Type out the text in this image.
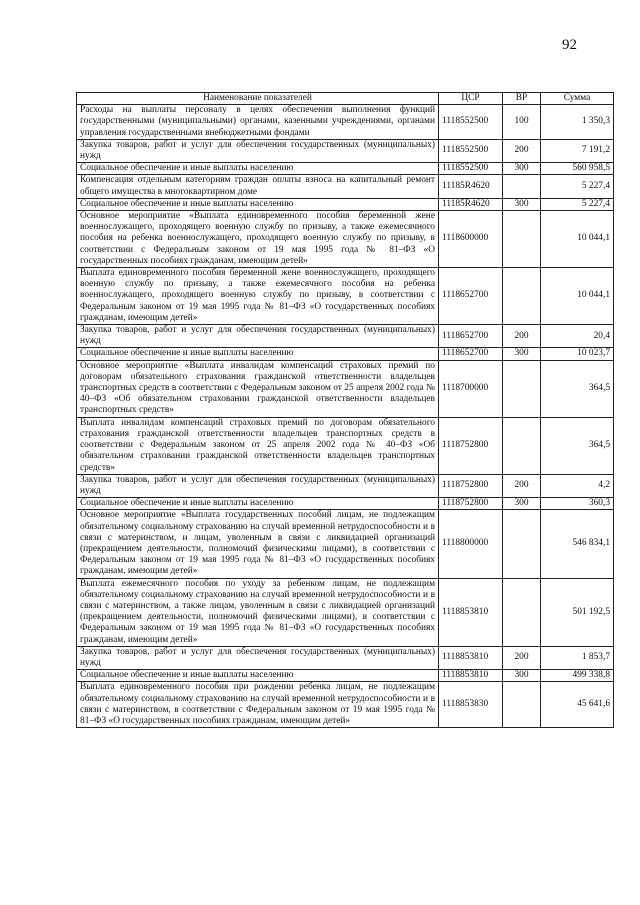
92
Наименование показателей	ЦСР	ВР	Сумма
Расходы на выплаты персоналу в целях обеспечения выполнения функций государственными (муниципальными) органами, казенными учреждениями, органами управления государственными внебюджетными фондами	1118552500	100	1 350,3
Закупка товаров, работ и услуг для обеспечения государственных (муниципальных) нужд	1118552500	200	7 191,2
Социальное обеспечение и иные выплаты населению	1118552500	300	560 958,5
Компенсация отдельным категориям граждан оплаты взноса на капитальный ремонт общего имущества в многоквартирном доме	11185R4620		5 227,4
Социальное обеспечение и иные выплаты населению	11185R4620	300	5 227,4
Основное мероприятие «Выплата единовременного пособия беременной жене военнослужащего, проходящего военную службу по призыву, а также ежемесячного пособия на ребенка военнослужащего, проходящего военную службу по призыву, в соответствии с Федеральным законом от 19 мая 1995 года № 81–ФЗ «О государственных пособиях гражданам, имеющим детей»	1118600000		10 044,1
Выплата единовременного пособия беременной жене военнослужащего, проходящего военную службу по призыву, а также ежемесячного пособия на ребенка военнослужащего, проходящего военную службу по призыву, в соответствии с Федеральным законом от 19 мая 1995 года № 81–ФЗ «О государственных пособиях гражданам, имеющим детей»	1118652700		10 044,1
Закупка товаров, работ и услуг для обеспечения государственных (муниципальных) нужд	1118652700	200	20,4
Социальное обеспечение и иные выплаты населению	1118652700	300	10 023,7
Основное мероприятие «Выплата инвалидам компенсаций страховых премий по договорам обязательного страхования гражданской ответственности владельцев транспортных средств в соответствии с Федеральным законом от 25 апреля 2002 года № 40–ФЗ «Об обязательном страховании гражданской ответственности владельцев транспортных средств»	1118700000		364,5
Выплата инвалидам компенсаций страховых премий по договорам обязательного страхования гражданской ответственности владельцев транспортных средств в соответствии с Федеральным законом от 25 апреля 2002 года № 40–ФЗ «Об обязательном страховании гражданской ответственности владельцев транспортных средств»	1118752800		364,5
Закупка товаров, работ и услуг для обеспечения государственных (муниципальных) нужд	1118752800	200	4,2
Социальное обеспечение и иные выплаты населению	1118752800	300	360,3
Основное мероприятие «Выплата государственных пособий лицам, не подлежащим обязательному социальному страхованию на случай временной нетрудоспособности и в связи с материнством, и лицам, уволенным в связи с ликвидацией организаций (прекращением деятельности, полномочий физическими лицами), в соответствии с Федеральным законом от 19 мая 1995 года № 81–ФЗ «О государственных пособиях гражданам, имеющим детей»	1118800000		546 834,1
Выплата ежемесячного пособия по уходу за ребенком лицам, не подлежащим обязательному социальному страхованию на случай временной нетрудоспособности и в связи с материнством, а также лицам, уволенным в связи с ликвидацией организаций (прекращением деятельности, полномочий физическими лицами), в соответствии с Федеральным законом от 19 мая 1995 года № 81–ФЗ «О государственных пособиях гражданам, имеющим детей»	1118853810		501 192,5
Закупка товаров, работ и услуг для обеспечения государственных (муниципальных) нужд	1118853810	200	1 853,7
Социальное обеспечение и иные выплаты населению	1118853810	300	499 338,8
Выплата единовременного пособия при рождении ребенка лицам, не подлежащим обязательному социальному страхованию на случай временной нетрудоспособности и в связи с материнством, в соответствии с Федеральным законом от 19 мая 1995 года № 81–ФЗ «О государственных пособиях гражданам, имеющим детей»	1118853830		45 641,6
